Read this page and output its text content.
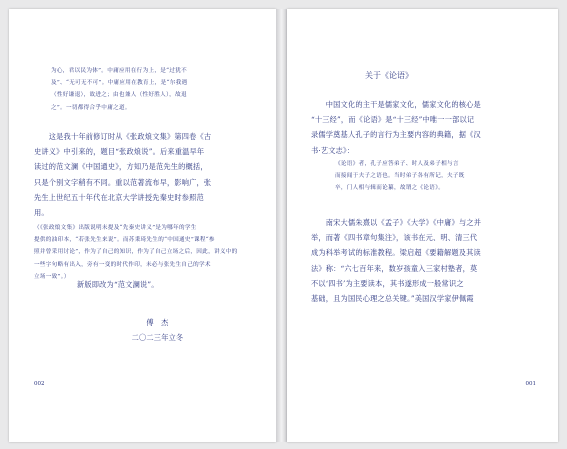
为心，君以民为体”。中庸应用在行为上，是“过犹不
及”、“无可无不可”。中庸应用在教育上，是“尔我遇
（性好谦退），故进之；由也兼人（性好胜人），故退
之”。一切都得合乎中庸之道。
　　这是我十年前修订时从《张政烺文集》第四卷《古
史讲义》中引来的，题目“张政烺说”。后来重温早年
读过的范文澜《中国通史》，方知乃是范先生的概括，
只是个别文字稍有不同。重以范著流布早，影响广，张
先生上世纪五十年代在北京大学讲授先秦史时参照范
用。
（《张政烺文集》出版说明未提及“先秦史讲义”是为哪年的学生
提供的油印本，“若张先生来说”。而苏秉琦先生的“中国通史”课程“参
照并曾采用讨论”，作为了自己的知识，作为了自己立场之后，因此，讲义中的
一些字句略有出入，旁有一变的时代作印，未必与张先生自己的学术
立场一致”。）
新版即改为“范文澜说”。
傅　杰
二〇二三年立冬
002
关于《论语》
　　中国文化的主干是儒家文化，儒家文化的核心是
“十三经”，而《论语》是“十三经”中唯一一部以记
录儒学奠基人孔子的言行为主要内容的典籍，据《汉
书·艺文志》：
《论语》者，孔子应答弟子、时人及弟子相与言
而接闻于夫子之语也。当时弟子各有所记，夫子既
卒，门人相与辑而论纂，故谓之《论语》。
　　南宋大儒朱熹以《孟子》《大学》《中庸》与之并
举，而著《四书章句集注》，该书在元、明、清三代
成为科举考试的标准教程。梁启超《要籍解题及其读
法》称：“六七百年来，数岁孩童入三家村塾者，莫
不以‘四书’为主要读本，其书遂形成一般常识之
基础，且为国民心理之总关键。”美国汉学家伊佩霞
001
